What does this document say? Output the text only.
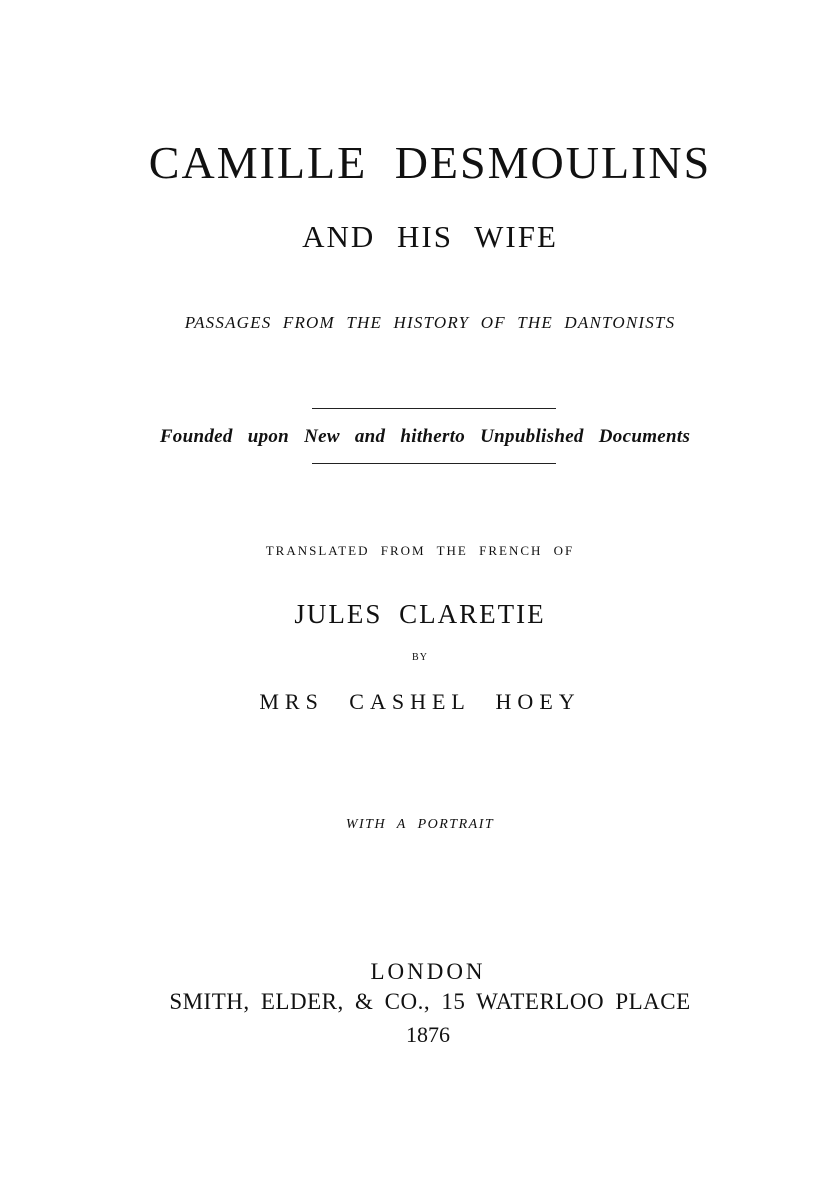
CAMILLE DESMOULINS
AND HIS WIFE
PASSAGES FROM THE HISTORY OF THE DANTONISTS
Founded upon New and hitherto Unpublished Documents
TRANSLATED FROM THE FRENCH OF
JULES CLARETIE
BY
MRS CASHEL HOEY
WITH A PORTRAIT
LONDON
SMITH, ELDER, & CO., 15 WATERLOO PLACE
1876
